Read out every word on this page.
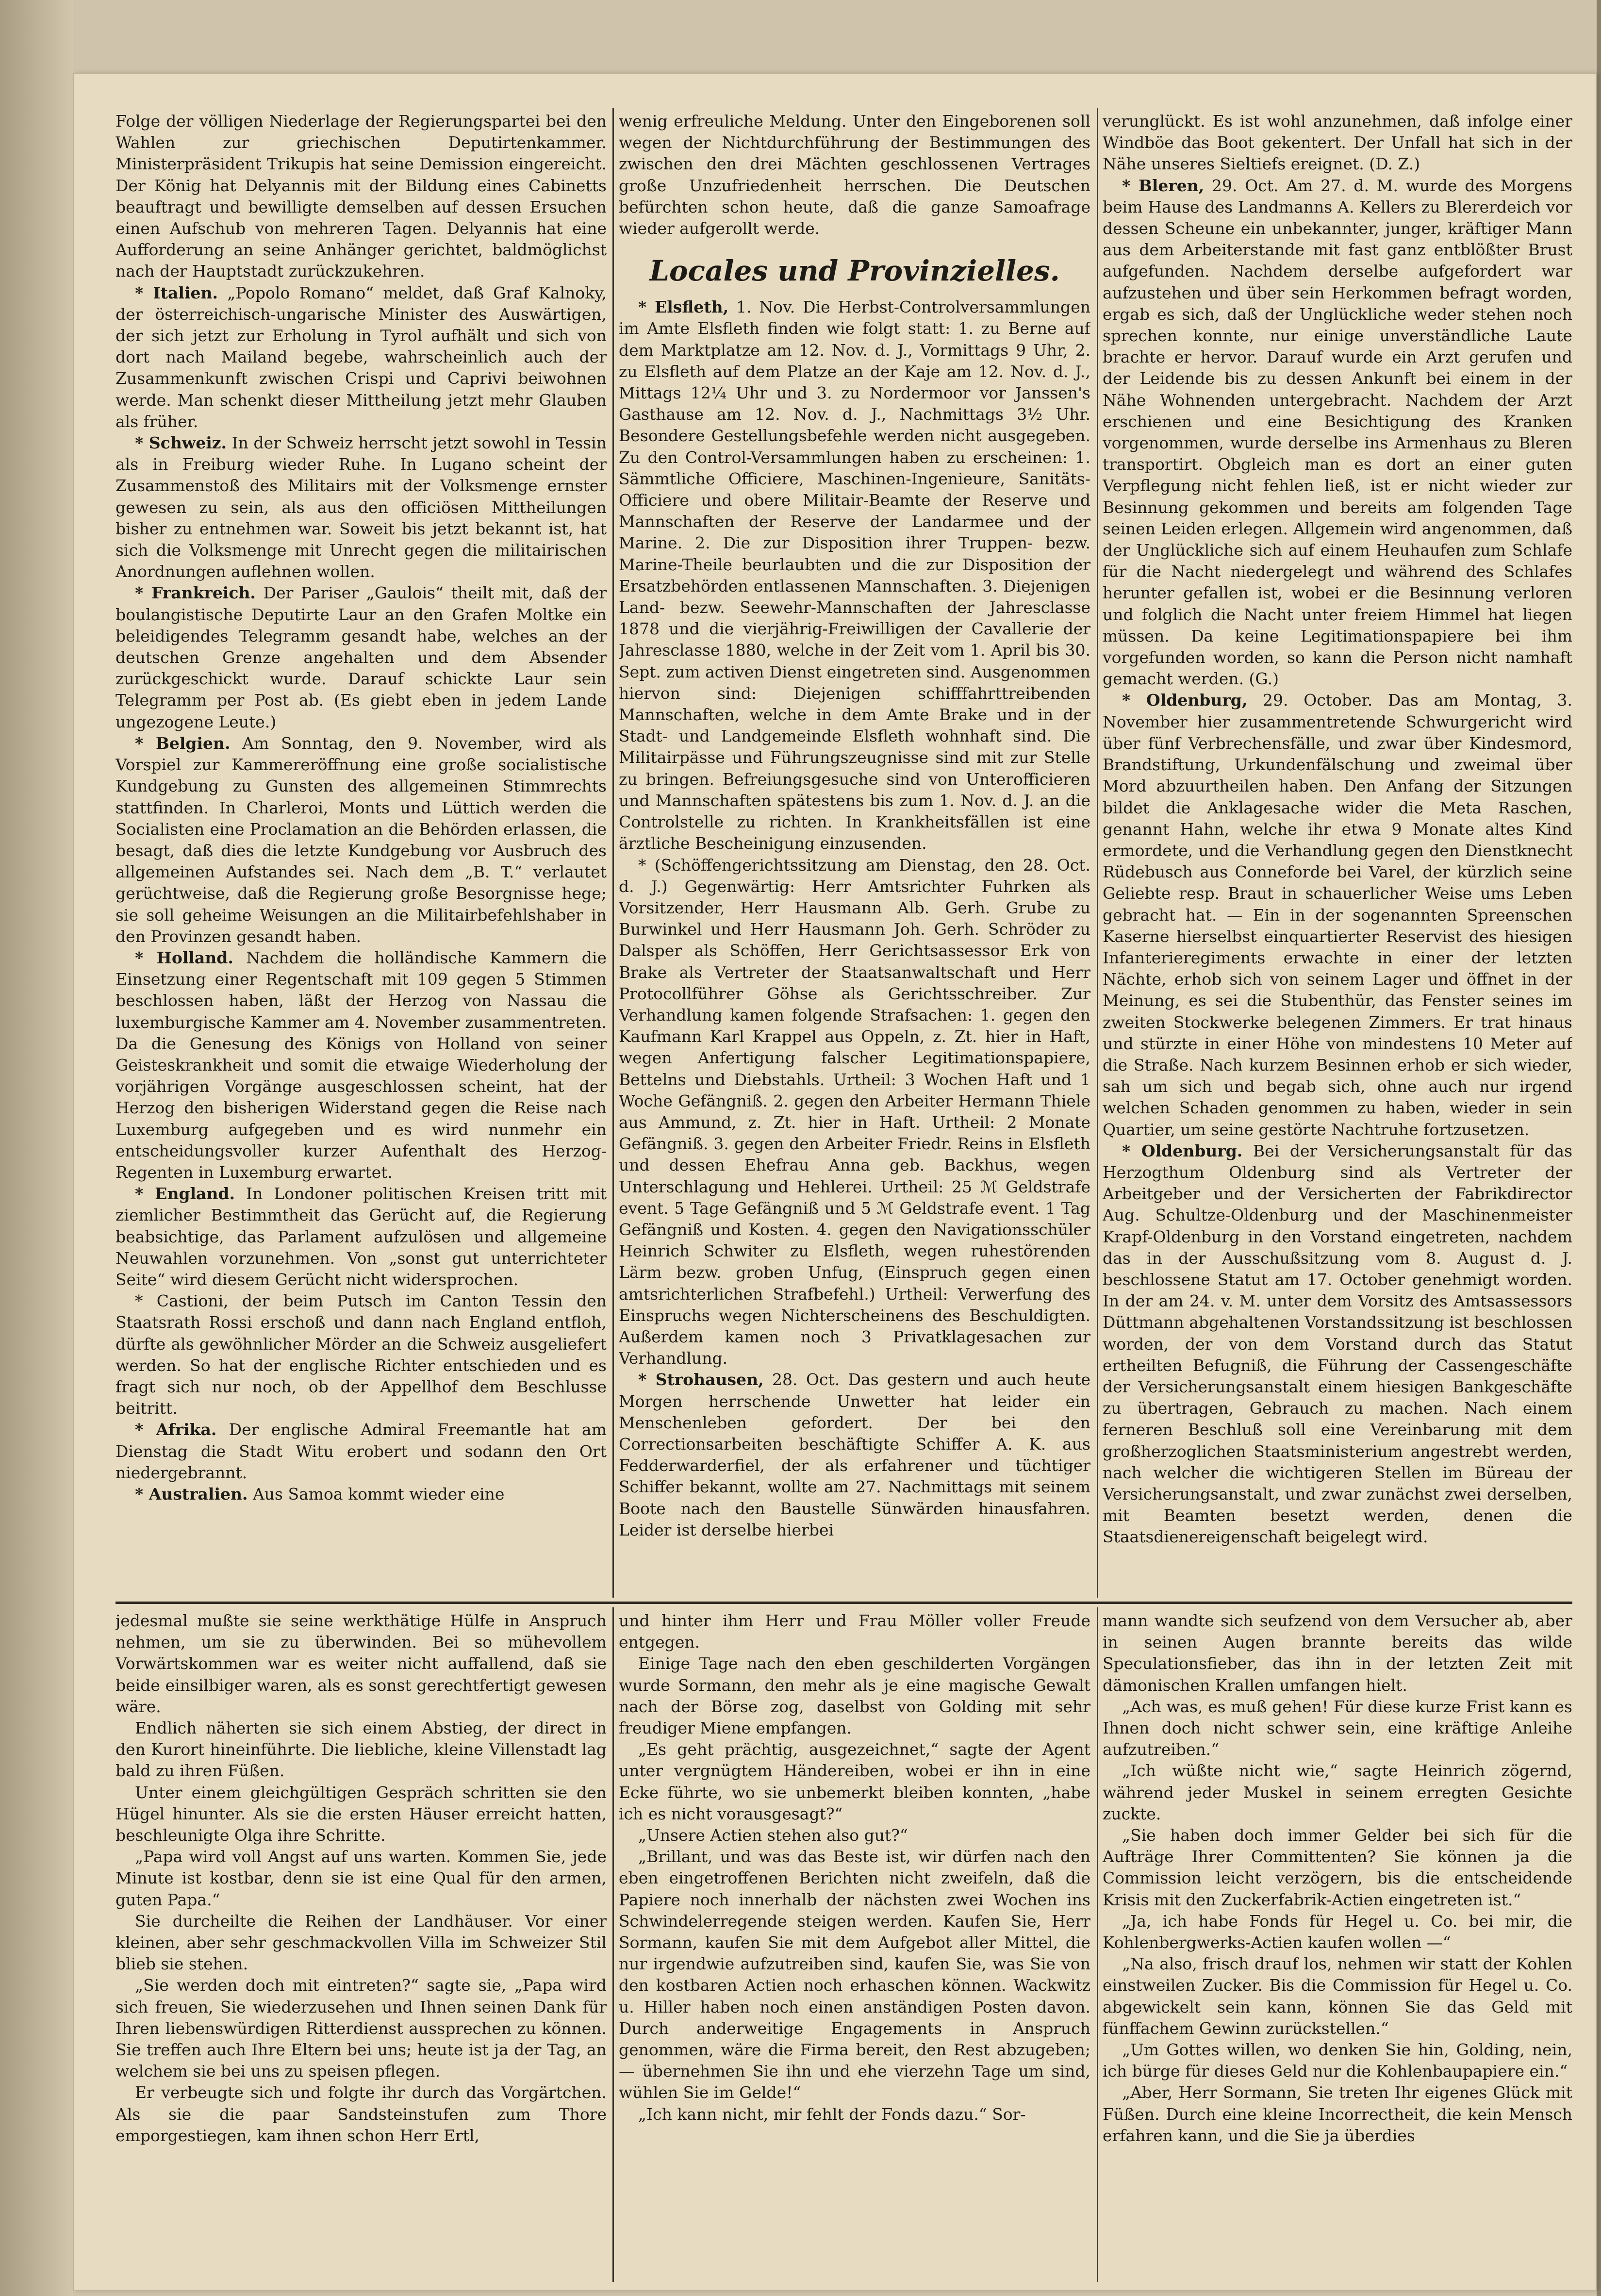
Folge der völligen Niederlage der Regierungspartei bei den Wahlen zur griechischen Deputirtenkammer. Ministerpräsident Trikupis hat seine Demission eingereicht. Der König hat Delyannis mit der Bildung eines Cabinetts beauftragt und bewilligte demselben auf dessen Ersuchen einen Aufschub von mehreren Tagen. Delyannis hat eine Aufforderung an seine Anhänger gerichtet, baldmöglichst nach der Hauptstadt zurückzukehren.

* Italien. „Popolo Romano“ meldet, daß Graf Kalnoky, der österreichisch-ungarische Minister des Auswärtigen, der sich jetzt zur Erholung in Tyrol aufhält und sich von dort nach Mailand begebe, wahrscheinlich auch der Zusammenkunft zwischen Crispi und Caprivi beiwohnen werde. Man schenkt dieser Mittheilung jetzt mehr Glauben als früher.

* Schweiz. In der Schweiz herrscht jetzt sowohl in Tessin als in Freiburg wieder Ruhe. In Lugano scheint der Zusammenstoß des Militairs mit der Volksmenge ernster gewesen zu sein, als aus den officiösen Mittheilungen bisher zu entnehmen war. Soweit bis jetzt bekannt ist, hat sich die Volksmenge mit Unrecht gegen die militairischen Anordnungen auflehnen wollen.

* Frankreich. Der Pariser „Gaulois“ theilt mit, daß der boulangistische Deputirte Laur an den Grafen Moltke ein beleidigendes Telegramm gesandt habe, welches an der deutschen Grenze angehalten und dem Absender zurückgeschickt wurde. Darauf schickte Laur sein Telegramm per Post ab. (Es giebt eben in jedem Lande ungezogene Leute.)

* Belgien. Am Sonntag, den 9. November, wird als Vorspiel zur Kammereröffnung eine große socialistische Kundgebung zu Gunsten des allgemeinen Stimmrechts stattfinden. In Charleroi, Monts und Lüttich werden die Socialisten eine Proclamation an die Behörden erlassen, die besagt, daß dies die letzte Kundgebung vor Ausbruch des allgemeinen Aufstandes sei. Nach dem „B. T.“ verlautet gerüchtweise, daß die Regierung große Besorgnisse hege; sie soll geheime Weisungen an die Militairbefehlshaber in den Provinzen gesandt haben.

* Holland. Nachdem die holländische Kammern die Einsetzung einer Regentschaft mit 109 gegen 5 Stimmen beschlossen haben, läßt der Herzog von Nassau die luxemburgische Kammer am 4. November zusammentreten. Da die Genesung des Königs von Holland von seiner Geisteskrankheit und somit die etwaige Wiederholung der vorjährigen Vorgänge ausgeschlossen scheint, hat der Herzog den bisherigen Widerstand gegen die Reise nach Luxemburg aufgegeben und es wird nunmehr ein entscheidungsvoller kurzer Aufenthalt des Herzog-Regenten in Luxemburg erwartet.

* England. In Londoner politischen Kreisen tritt mit ziemlicher Bestimmtheit das Gerücht auf, die Regierung beabsichtige, das Parlament aufzulösen und allgemeine Neuwahlen vorzunehmen. Von „sonst gut unterrichteter Seite“ wird diesem Gerücht nicht widersprochen.

* Castioni, der beim Putsch im Canton Tessin den Staatsrath Rossi erschoß und dann nach England entfloh, dürfte als gewöhnlicher Mörder an die Schweiz ausgeliefert werden. So hat der englische Richter entschieden und es fragt sich nur noch, ob der Appellhof dem Beschlusse beitritt.

* Afrika. Der englische Admiral Freemantle hat am Dienstag die Stadt Witu erobert und sodann den Ort niedergebrannt.

* Australien. Aus Samoa kommt wieder eine

wenig erfreuliche Meldung. Unter den Eingeborenen soll wegen der Nichtdurchführung der Bestimmungen des zwischen den drei Mächten geschlossenen Vertrages große Unzufriedenheit herrschen. Die Deutschen befürchten schon heute, daß die ganze Samoafrage wieder aufgerollt werde.

Locales und Provinzielles.

* Elsfleth, 1. Nov. Die Herbst-Controlversammlungen im Amte Elsfleth finden wie folgt statt: 1. zu Berne auf dem Marktplatze am 12. Nov. d. J., Vormittags 9 Uhr, 2. zu Elsfleth auf dem Platze an der Kaje am 12. Nov. d. J., Mittags 12¼ Uhr und 3. zu Nordermoor vor Janssen's Gasthause am 12. Nov. d. J., Nachmittags 3½ Uhr. Besondere Gestellungsbefehle werden nicht ausgegeben. Zu den Control-Versammlungen haben zu erscheinen: 1. Sämmtliche Officiere, Maschinen-Ingenieure, Sanitäts-Officiere und obere Militair-Beamte der Reserve und Mannschaften der Reserve der Landarmee und der Marine. 2. Die zur Disposition ihrer Truppen- bezw. Marine-Theile beurlaubten und die zur Disposition der Ersatzbehörden entlassenen Mannschaften. 3. Diejenigen Land- bezw. Seewehr-Mannschaften der Jahresclasse 1878 und die vierjährig-Freiwilligen der Cavallerie der Jahresclasse 1880, welche in der Zeit vom 1. April bis 30. Sept. zum activen Dienst eingetreten sind. Ausgenommen hiervon sind: Diejenigen schifffahrttreibenden Mannschaften, welche in dem Amte Brake und in der Stadt- und Landgemeinde Elsfleth wohnhaft sind. Die Militairpässe und Führungszeugnisse sind mit zur Stelle zu bringen. Befreiungsgesuche sind von Unterofficieren und Mannschaften spätestens bis zum 1. Nov. d. J. an die Controlstelle zu richten. In Krankheitsfällen ist eine ärztliche Bescheinigung einzusenden.

* (Schöffengerichtssitzung am Dienstag, den 28. Oct. d. J.) Gegenwärtig: Herr Amtsrichter Fuhrken als Vorsitzender, Herr Hausmann Alb. Gerh. Grube zu Burwinkel und Herr Hausmann Joh. Gerh. Schröder zu Dalsper als Schöffen, Herr Gerichtsassessor Erk von Brake als Vertreter der Staatsanwaltschaft und Herr Protocollführer Göhse als Gerichtsschreiber. Zur Verhandlung kamen folgende Strafsachen: 1. gegen den Kaufmann Karl Krappel aus Oppeln, z. Zt. hier in Haft, wegen Anfertigung falscher Legitimationspapiere, Bettelns und Diebstahls. Urtheil: 3 Wochen Haft und 1 Woche Gefängniß. 2. gegen den Arbeiter Hermann Thiele aus Ammund, z. Zt. hier in Haft. Urtheil: 2 Monate Gefängniß. 3. gegen den Arbeiter Friedr. Reins in Elsfleth und dessen Ehefrau Anna geb. Backhus, wegen Unterschlagung und Hehlerei. Urtheil: 25 ℳ Geldstrafe event. 5 Tage Gefängniß und 5 ℳ Geldstrafe event. 1 Tag Gefängniß und Kosten. 4. gegen den Navigationsschüler Heinrich Schwiter zu Elsfleth, wegen ruhestörenden Lärm bezw. groben Unfug, (Einspruch gegen einen amtsrichterlichen Strafbefehl.) Urtheil: Verwerfung des Einspruchs wegen Nichterscheinens des Beschuldigten. Außerdem kamen noch 3 Privatklagesachen zur Verhandlung.

* Strohausen, 28. Oct. Das gestern und auch heute Morgen herrschende Unwetter hat leider ein Menschenleben gefordert. Der bei den Correctionsarbeiten beschäftigte Schiffer A. K. aus Fedderwarderfiel, der als erfahrener und tüchtiger Schiffer bekannt, wollte am 27. Nachmittags mit seinem Boote nach den Baustelle Sünwärden hinausfahren. Leider ist derselbe hierbei

verunglückt. Es ist wohl anzunehmen, daß infolge einer Windböe das Boot gekentert. Der Unfall hat sich in der Nähe unseres Sieltiefs ereignet. (D. Z.)

* Bleren, 29. Oct. Am 27. d. M. wurde des Morgens beim Hause des Landmanns A. Kellers zu Blererdeich vor dessen Scheune ein unbekannter, junger, kräftiger Mann aus dem Arbeiterstande mit fast ganz entblößter Brust aufgefunden. Nachdem derselbe aufgefordert war aufzustehen und über sein Herkommen befragt worden, ergab es sich, daß der Unglückliche weder stehen noch sprechen konnte, nur einige unverständliche Laute brachte er hervor. Darauf wurde ein Arzt gerufen und der Leidende bis zu dessen Ankunft bei einem in der Nähe Wohnenden untergebracht. Nachdem der Arzt erschienen und eine Besichtigung des Kranken vorgenommen, wurde derselbe ins Armenhaus zu Bleren transportirt. Obgleich man es dort an einer guten Verpflegung nicht fehlen ließ, ist er nicht wieder zur Besinnung gekommen und bereits am folgenden Tage seinen Leiden erlegen. Allgemein wird angenommen, daß der Unglückliche sich auf einem Heuhaufen zum Schlafe für die Nacht niedergelegt und während des Schlafes herunter gefallen ist, wobei er die Besinnung verloren und folglich die Nacht unter freiem Himmel hat liegen müssen. Da keine Legitimationspapiere bei ihm vorgefunden worden, so kann die Person nicht namhaft gemacht werden. (G.)

* Oldenburg, 29. October. Das am Montag, 3. November hier zusammentretende Schwurgericht wird über fünf Verbrechensfälle, und zwar über Kindesmord, Brandstiftung, Urkundenfälschung und zweimal über Mord abzuurtheilen haben. Den Anfang der Sitzungen bildet die Anklagesache wider die Meta Raschen, genannt Hahn, welche ihr etwa 9 Monate altes Kind ermordete, und die Verhandlung gegen den Dienstknecht Rüdebusch aus Conneforde bei Varel, der kürzlich seine Geliebte resp. Braut in schauerlicher Weise ums Leben gebracht hat. — Ein in der sogenannten Spreenschen Kaserne hierselbst einquartierter Reservist des hiesigen Infanterieregiments erwachte in einer der letzten Nächte, erhob sich von seinem Lager und öffnet in der Meinung, es sei die Stubenthür, das Fenster seines im zweiten Stockwerke belegenen Zimmers. Er trat hinaus und stürzte in einer Höhe von mindestens 10 Meter auf die Straße. Nach kurzem Besinnen erhob er sich wieder, sah um sich und begab sich, ohne auch nur irgend welchen Schaden genommen zu haben, wieder in sein Quartier, um seine gestörte Nachtruhe fortzusetzen.

* Oldenburg. Bei der Versicherungsanstalt für das Herzogthum Oldenburg sind als Vertreter der Arbeitgeber und der Versicherten der Fabrikdirector Aug. Schultze-Oldenburg und der Maschinenmeister Krapf-Oldenburg in den Vorstand eingetreten, nachdem das in der Ausschußsitzung vom 8. August d. J. beschlossene Statut am 17. October genehmigt worden. In der am 24. v. M. unter dem Vorsitz des Amtsassessors Düttmann abgehaltenen Vorstandssitzung ist beschlossen worden, der von dem Vorstand durch das Statut ertheilten Befugniß, die Führung der Cassengeschäfte der Versicherungsanstalt einem hiesigen Bankgeschäfte zu übertragen, Gebrauch zu machen. Nach einem ferneren Beschluß soll eine Vereinbarung mit dem großherzoglichen Staatsministerium angestrebt werden, nach welcher die wichtigeren Stellen im Büreau der Versicherungsanstalt, und zwar zunächst zwei derselben, mit Beamten besetzt werden, denen die Staatsdienereigenschaft beigelegt wird.

jedesmal mußte sie seine werkthätige Hülfe in Anspruch nehmen, um sie zu überwinden. Bei so mühevollem Vorwärtskommen war es weiter nicht auffallend, daß sie beide einsilbiger waren, als es sonst gerechtfertigt gewesen wäre.

Endlich näherten sie sich einem Abstieg, der direct in den Kurort hineinführte. Die liebliche, kleine Villenstadt lag bald zu ihren Füßen.

Unter einem gleichgültigen Gespräch schritten sie den Hügel hinunter. Als sie die ersten Häuser erreicht hatten, beschleunigte Olga ihre Schritte.

„Papa wird voll Angst auf uns warten. Kommen Sie, jede Minute ist kostbar, denn sie ist eine Qual für den armen, guten Papa.“

Sie durcheilte die Reihen der Landhäuser. Vor einer kleinen, aber sehr geschmackvollen Villa im Schweizer Stil blieb sie stehen.

„Sie werden doch mit eintreten?“ sagte sie, „Papa wird sich freuen, Sie wiederzusehen und Ihnen seinen Dank für Ihren liebenswürdigen Ritterdienst aussprechen zu können. Sie treffen auch Ihre Eltern bei uns; heute ist ja der Tag, an welchem sie bei uns zu speisen pflegen.

Er verbeugte sich und folgte ihr durch das Vorgärtchen. Als sie die paar Sandsteinstufen zum Thore emporgestiegen, kam ihnen schon Herr Ertl,

und hinter ihm Herr und Frau Möller voller Freude entgegen.

Einige Tage nach den eben geschilderten Vorgängen wurde Sormann, den mehr als je eine magische Gewalt nach der Börse zog, daselbst von Golding mit sehr freudiger Miene empfangen.

„Es geht prächtig, ausgezeichnet,“ sagte der Agent unter vergnügtem Händereiben, wobei er ihn in eine Ecke führte, wo sie unbemerkt bleiben konnten, „habe ich es nicht vorausgesagt?“

„Unsere Actien stehen also gut?“

„Brillant, und was das Beste ist, wir dürfen nach den eben eingetroffenen Berichten nicht zweifeln, daß die Papiere noch innerhalb der nächsten zwei Wochen ins Schwindelerregende steigen werden. Kaufen Sie, Herr Sormann, kaufen Sie mit dem Aufgebot aller Mittel, die nur irgendwie aufzutreiben sind, kaufen Sie, was Sie von den kostbaren Actien noch erhaschen können. Wackwitz u. Hiller haben noch einen anständigen Posten davon. Durch anderweitige Engagements in Anspruch genommen, wäre die Firma bereit, den Rest abzugeben; — übernehmen Sie ihn und ehe vierzehn Tage um sind, wühlen Sie im Gelde!“

„Ich kann nicht, mir fehlt der Fonds dazu.“ Sor-

mann wandte sich seufzend von dem Versucher ab, aber in seinen Augen brannte bereits das wilde Speculationsfieber, das ihn in der letzten Zeit mit dämonischen Krallen umfangen hielt.

„Ach was, es muß gehen! Für diese kurze Frist kann es Ihnen doch nicht schwer sein, eine kräftige Anleihe aufzutreiben.“

„Ich wüßte nicht wie,“ sagte Heinrich zögernd, während jeder Muskel in seinem erregten Gesichte zuckte.

„Sie haben doch immer Gelder bei sich für die Aufträge Ihrer Committenten? Sie können ja die Commission leicht verzögern, bis die entscheidende Krisis mit den Zuckerfabrik-Actien eingetreten ist.“

„Ja, ich habe Fonds für Hegel u. Co. bei mir, die Kohlenbergwerks-Actien kaufen wollen —“

„Na also, frisch drauf los, nehmen wir statt der Kohlen einstweilen Zucker. Bis die Commission für Hegel u. Co. abgewickelt sein kann, können Sie das Geld mit fünffachem Gewinn zurückstellen.“

„Um Gottes willen, wo denken Sie hin, Golding, nein, ich bürge für dieses Geld nur die Kohlenbaupapiere ein.“

„Aber, Herr Sormann, Sie treten Ihr eigenes Glück mit Füßen. Durch eine kleine Incorrectheit, die kein Mensch erfahren kann, und die Sie ja überdies
